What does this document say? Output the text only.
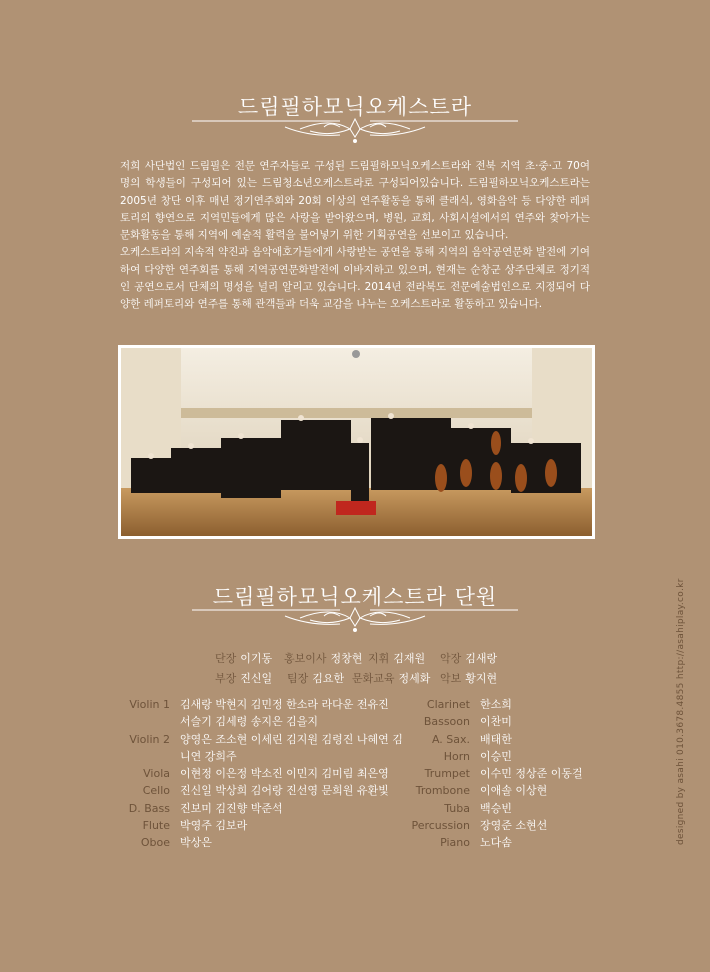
드림필하모닉오케스트라

저희 사단법인 드림필은 전문 연주자들로 구성된 드림필하모닉오케스트라와 전북 지역 초·중·고 70여 명의 학생들이 구성되어 있는 드림청소년오케스트라로 구성되어있습니다. 드림필하모닉오케스트라는 2005년 창단 이후 매년 정기연주회와 20회 이상의 연주활동을 통해 클래식, 영화음악 등 다양한 레퍼토리의 향연으로 지역민들에게 많은 사랑을 받아왔으며, 병원, 교회, 사회시설에서의 연주와 찾아가는 문화활동을 통해 지역에 예술적 활력을 불어넣기 위한 기획공연을 선보이고 있습니다.

오케스트라의 지속적 약진과 음악애호가들에게 사랑받는 공연을 통해 지역의 음악공연문화 발전에 기여하여 다양한 연주회를 통해 지역공연문화발전에 이바지하고 있으며, 현재는 순창군 상주단체로 정기적인 공연으로서 단체의 명성을 널리 알리고 있습니다. 2014년 전라북도 전문예술법인으로 지정되어 다양한 레퍼토리와 연주를 통해 관객들과 더욱 교감을 나누는 오케스트라로 활동하고 있습니다.

드림필하모닉오케스트라 단원
단장 이기동 홍보이사 정창현 지휘 김재원 악장 김새랑
부장 진신일 팀장 김요한 문화교육 정세화 악보 황지현
Violin 1 김새랑 박현지 김민정 한소라 라다운 전유진
서슬기 김세령 송지은 김을지
Violin 2 양영은 조소현 이세린 김지원 김령진 나혜연 김
니연 강희주
Viola 이현정 이은정 박소진 이민지 김미림 최은영
Cello 진신일 박상희 김어랑 진선영 문희원 유환빛
D. Bass 진보미 김진향 박준석
Flute 박영주 김보라
Oboe 박상은
Clarinet 한소희
Bassoon 이찬미
A. Sax. 배태한
Horn 이승민
Trumpet 이수민 정상준 이동걸
Trombone 이애솔 이상현
Tuba 백승빈
Percussion 장영준 소현선
Piano 노다솜	designed by asahi 010.3678.4855 http://asahiplay.co.kr
